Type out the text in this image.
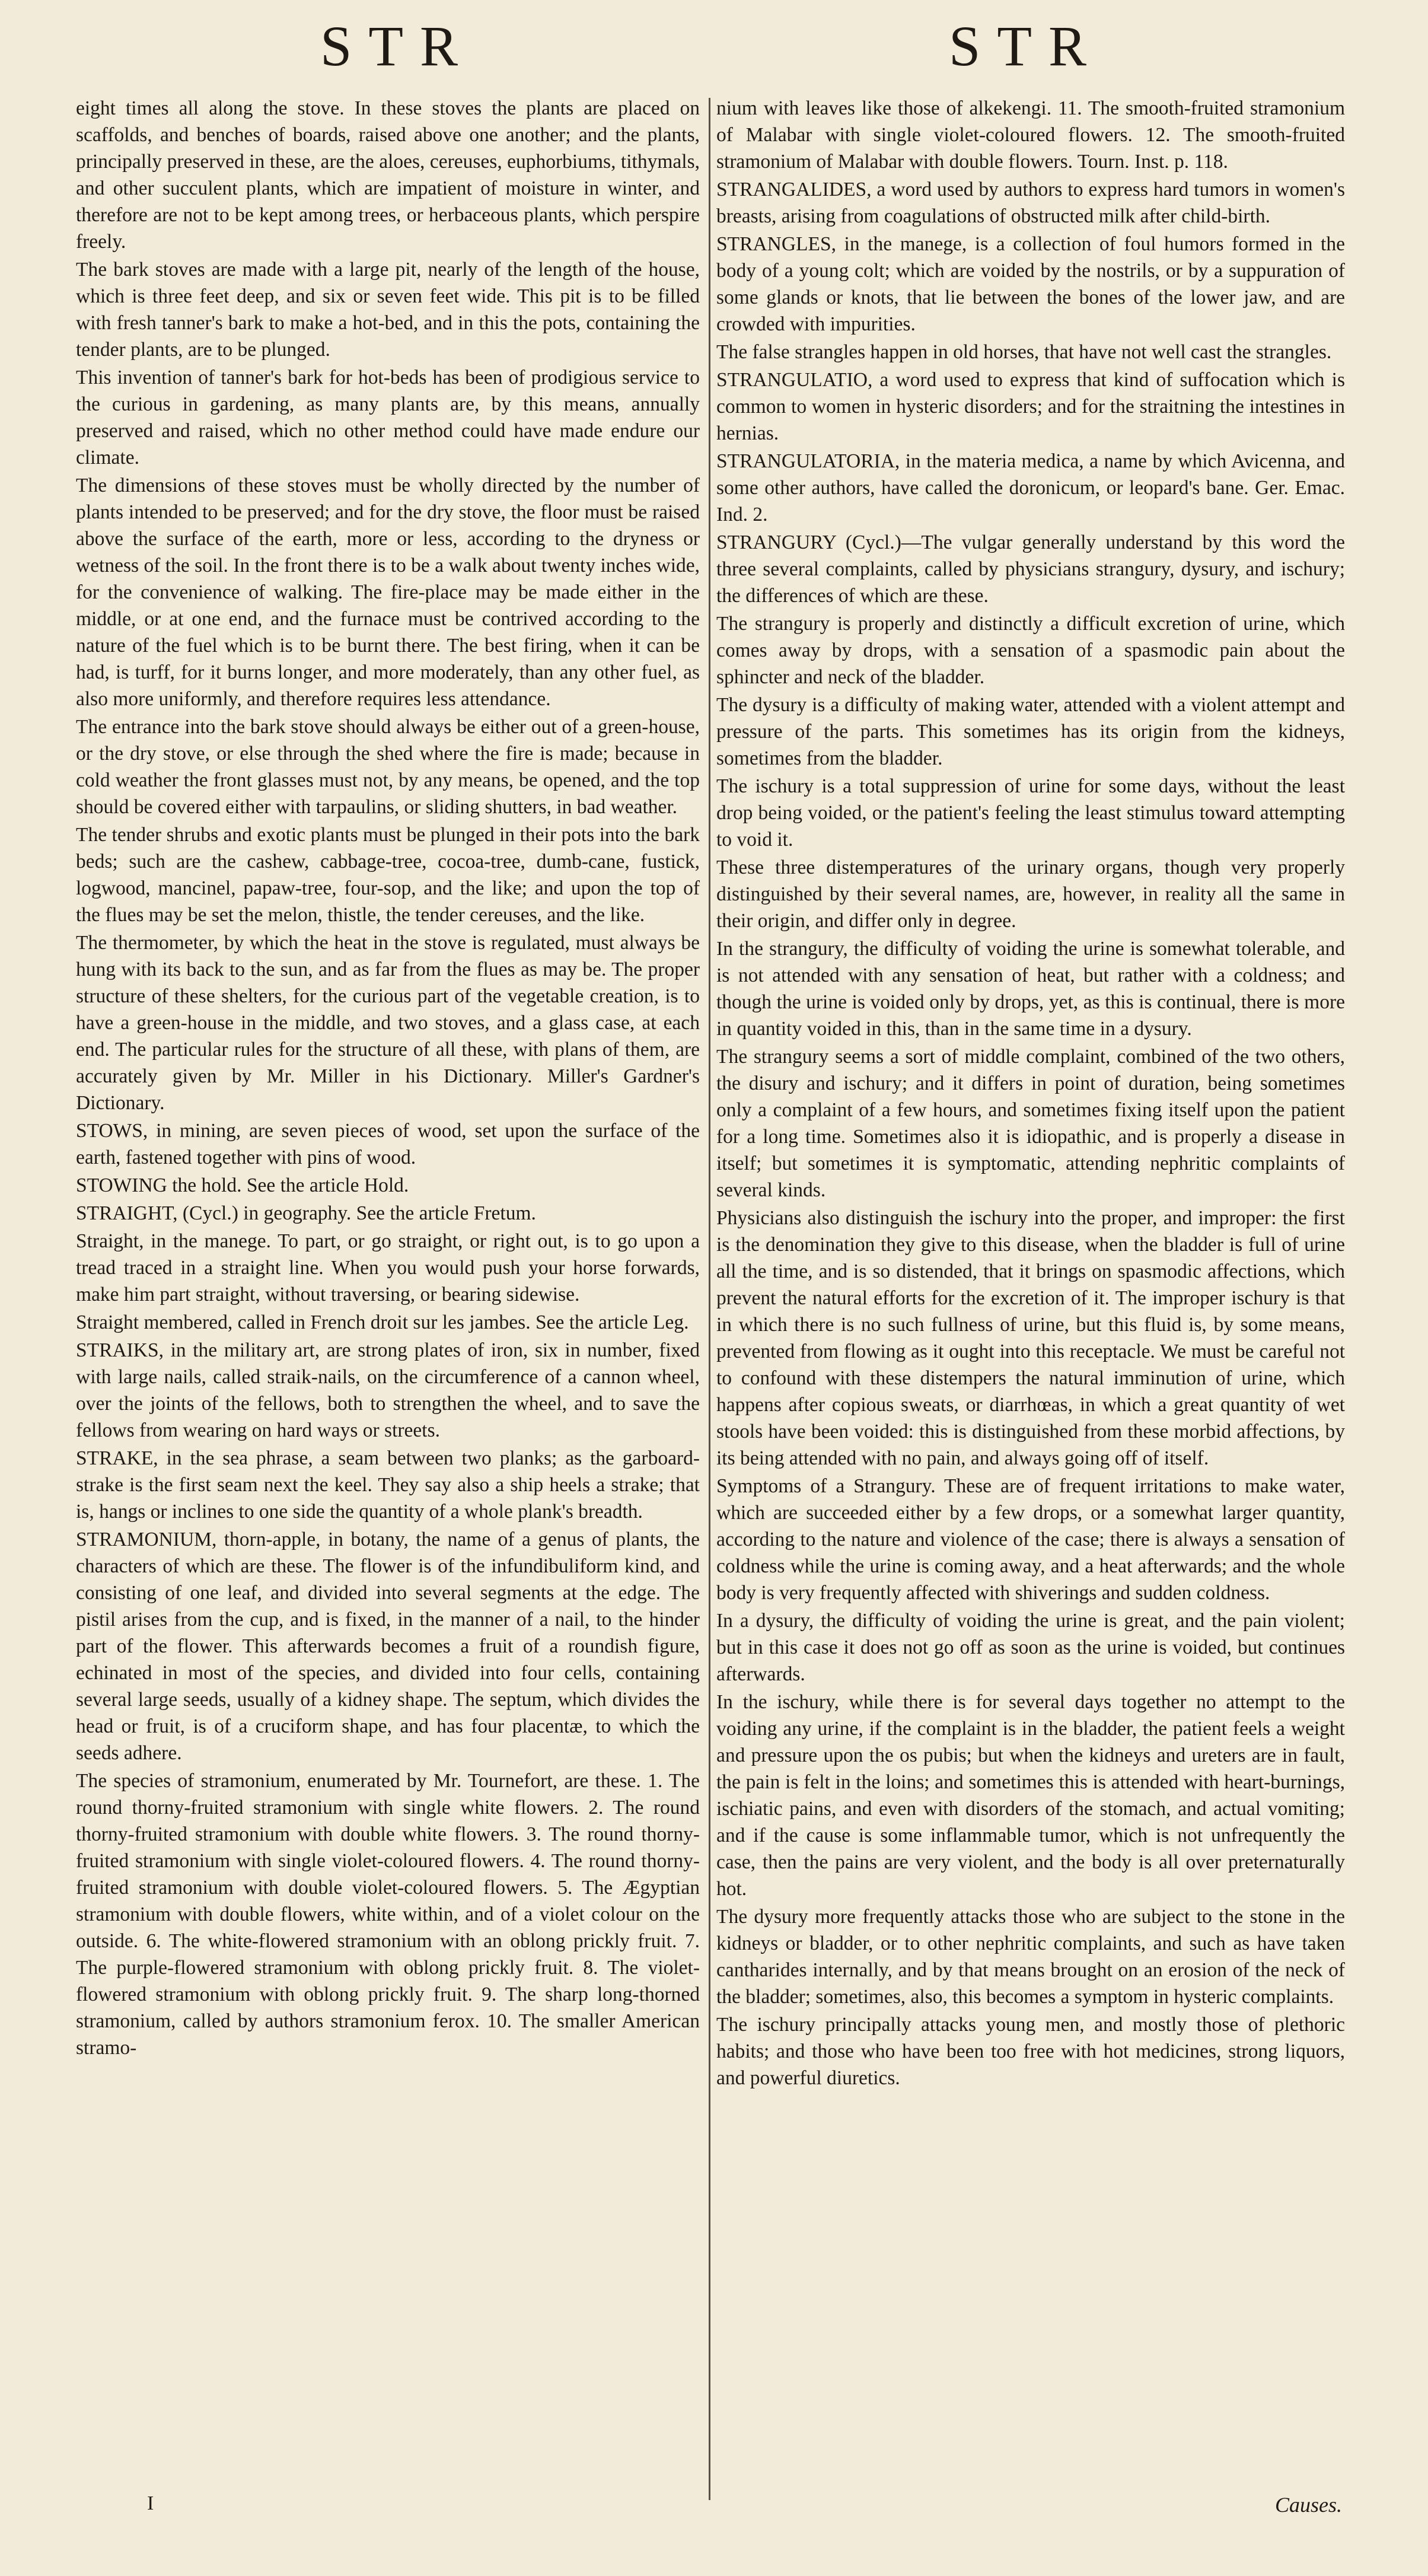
STR	STR

eight times all along the stove. In these stoves the plants are placed on scaffolds, and benches of boards, raised above one another; and the plants, principally preserved in these, are the aloes, cereuses, euphorbiums, tithymals, and other succulent plants, which are impatient of moisture in winter, and therefore are not to be kept among trees, or herbaceous plants, which perspire freely.

The bark stoves are made with a large pit, nearly of the length of the house, which is three feet deep, and six or seven feet wide. This pit is to be filled with fresh tanner's bark to make a hot-bed, and in this the pots, containing the tender plants, are to be plunged.

This invention of tanner's bark for hot-beds has been of prodigious service to the curious in gardening, as many plants are, by this means, annually preserved and raised, which no other method could have made endure our climate.

The dimensions of these stoves must be wholly directed by the number of plants intended to be preserved; and for the dry stove, the floor must be raised above the surface of the earth, more or less, according to the dryness or wetness of the soil. In the front there is to be a walk about twenty inches wide, for the convenience of walking. The fire-place may be made either in the middle, or at one end, and the furnace must be contrived according to the nature of the fuel which is to be burnt there. The best firing, when it can be had, is turff, for it burns longer, and more moderately, than any other fuel, as also more uniformly, and therefore requires less attendance.

The entrance into the bark stove should always be either out of a green-house, or the dry stove, or else through the shed where the fire is made; because in cold weather the front glasses must not, by any means, be opened, and the top should be covered either with tarpaulins, or sliding shutters, in bad weather.

The tender shrubs and exotic plants must be plunged in their pots into the bark beds; such are the cashew, cabbage-tree, cocoa-tree, dumb-cane, fustick, logwood, mancinel, papaw-tree, four-sop, and the like; and upon the top of the flues may be set the melon, thistle, the tender cereuses, and the like.

The thermometer, by which the heat in the stove is regulated, must always be hung with its back to the sun, and as far from the flues as may be. The proper structure of these shelters, for the curious part of the vegetable creation, is to have a green-house in the middle, and two stoves, and a glass case, at each end. The particular rules for the structure of all these, with plans of them, are accurately given by Mr. Miller in his Dictionary. Miller's Gardner's Dictionary.

STOWS, in mining, are seven pieces of wood, set upon the surface of the earth, fastened together with pins of wood.

STOWING the hold. See the article Hold.

STRAIGHT, (Cycl.) in geography. See the article Fretum.

Straight, in the manege. To part, or go straight, or right out, is to go upon a tread traced in a straight line. When you would push your horse forwards, make him part straight, without traversing, or bearing sidewise.

Straight membered, called in French droit sur les jambes. See the article Leg.

STRAIKS, in the military art, are strong plates of iron, six in number, fixed with large nails, called straik-nails, on the circumference of a cannon wheel, over the joints of the fellows, both to strengthen the wheel, and to save the fellows from wearing on hard ways or streets.

STRAKE, in the sea phrase, a seam between two planks; as the garboard-strake is the first seam next the keel. They say also a ship heels a strake; that is, hangs or inclines to one side the quantity of a whole plank's breadth.

STRAMONIUM, thorn-apple, in botany, the name of a genus of plants, the characters of which are these. The flower is of the infundibuliform kind, and consisting of one leaf, and divided into several segments at the edge. The pistil arises from the cup, and is fixed, in the manner of a nail, to the hinder part of the flower. This afterwards becomes a fruit of a roundish figure, echinated in most of the species, and divided into four cells, containing several large seeds, usually of a kidney shape. The septum, which divides the head or fruit, is of a cruciform shape, and has four placentæ, to which the seeds adhere.

The species of stramonium, enumerated by Mr. Tournefort, are these. 1. The round thorny-fruited stramonium with single white flowers. 2. The round thorny-fruited stramonium with double white flowers. 3. The round thorny-fruited stramonium with single violet-coloured flowers. 4. The round thorny-fruited stramonium with double violet-coloured flowers. 5. The Ægyptian stramonium with double flowers, white within, and of a violet colour on the outside. 6. The white-flowered stramonium with an oblong prickly fruit. 7. The purple-flowered stramonium with oblong prickly fruit. 8. The violet-flowered stramonium with oblong prickly fruit. 9. The sharp long-thorned stramonium, called by authors stramonium ferox. 10. The smaller American stramo-

nium with leaves like those of alkekengi. 11. The smooth-fruited stramonium of Malabar with single violet-coloured flowers. 12. The smooth-fruited stramonium of Malabar with double flowers. Tourn. Inst. p. 118.

STRANGALIDES, a word used by authors to express hard tumors in women's breasts, arising from coagulations of obstructed milk after child-birth.

STRANGLES, in the manege, is a collection of foul humors formed in the body of a young colt; which are voided by the nostrils, or by a suppuration of some glands or knots, that lie between the bones of the lower jaw, and are crowded with impurities.

The false strangles happen in old horses, that have not well cast the strangles.

STRANGULATIO, a word used to express that kind of suffocation which is common to women in hysteric disorders; and for the straitning the intestines in hernias.

STRANGULATORIA, in the materia medica, a name by which Avicenna, and some other authors, have called the doronicum, or leopard's bane. Ger. Emac. Ind. 2.

STRANGURY (Cycl.)—The vulgar generally understand by this word the three several complaints, called by physicians strangury, dysury, and ischury; the differences of which are these.

The strangury is properly and distinctly a difficult excretion of urine, which comes away by drops, with a sensation of a spasmodic pain about the sphincter and neck of the bladder.

The dysury is a difficulty of making water, attended with a violent attempt and pressure of the parts. This sometimes has its origin from the kidneys, sometimes from the bladder.

The ischury is a total suppression of urine for some days, without the least drop being voided, or the patient's feeling the least stimulus toward attempting to void it.

These three distemperatures of the urinary organs, though very properly distinguished by their several names, are, however, in reality all the same in their origin, and differ only in degree.

In the strangury, the difficulty of voiding the urine is somewhat tolerable, and is not attended with any sensation of heat, but rather with a coldness; and though the urine is voided only by drops, yet, as this is continual, there is more in quantity voided in this, than in the same time in a dysury.

The strangury seems a sort of middle complaint, combined of the two others, the disury and ischury; and it differs in point of duration, being sometimes only a complaint of a few hours, and sometimes fixing itself upon the patient for a long time. Sometimes also it is idiopathic, and is properly a disease in itself; but sometimes it is symptomatic, attending nephritic complaints of several kinds.

Physicians also distinguish the ischury into the proper, and improper: the first is the denomination they give to this disease, when the bladder is full of urine all the time, and is so distended, that it brings on spasmodic affections, which prevent the natural efforts for the excretion of it. The improper ischury is that in which there is no such fullness of urine, but this fluid is, by some means, prevented from flowing as it ought into this receptacle. We must be careful not to confound with these distempers the natural imminution of urine, which happens after copious sweats, or diarrhœas, in which a great quantity of wet stools have been voided: this is distinguished from these morbid affections, by its being attended with no pain, and always going off of itself.

Symptoms of a Strangury. These are of frequent irritations to make water, which are succeeded either by a few drops, or a somewhat larger quantity, according to the nature and violence of the case; there is always a sensation of coldness while the urine is coming away, and a heat afterwards; and the whole body is very frequently affected with shiverings and sudden coldness.

In a dysury, the difficulty of voiding the urine is great, and the pain violent; but in this case it does not go off as soon as the urine is voided, but continues afterwards.

In the ischury, while there is for several days together no attempt to the voiding any urine, if the complaint is in the bladder, the patient feels a weight and pressure upon the os pubis; but when the kidneys and ureters are in fault, the pain is felt in the loins; and sometimes this is attended with heart-burnings, ischiatic pains, and even with disorders of the stomach, and actual vomiting; and if the cause is some inflammable tumor, which is not unfrequently the case, then the pains are very violent, and the body is all over preternaturally hot.

The dysury more frequently attacks those who are subject to the stone in the kidneys or bladder, or to other nephritic complaints, and such as have taken cantharides internally, and by that means brought on an erosion of the neck of the bladder; sometimes, also, this becomes a symptom in hysteric complaints.

The ischury principally attacks young men, and mostly those of plethoric habits; and those who have been too free with hot medicines, strong liquors, and powerful diuretics.

I	Causes.
